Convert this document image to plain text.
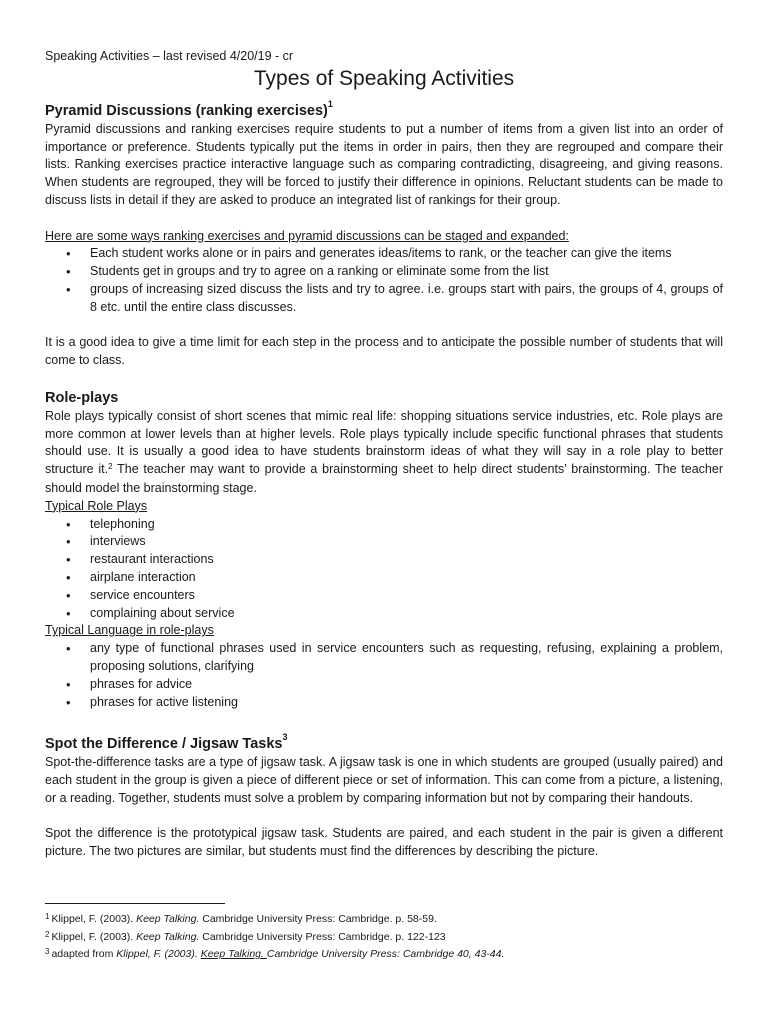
Speaking Activities – last revised 4/20/19 - cr
Types of Speaking Activities
Pyramid Discussions (ranking exercises)$^1$

Pyramid discussions and ranking exercises require students to put a number of items from a given list into an order of importance or preference. Students typically put the items in order in pairs, then they are regrouped and compare their lists. Ranking exercises practice interactive language such as comparing contradicting, disagreeing, and giving reasons. When students are regrouped, they will be forced to justify their difference in opinions. Reluctant students can be made to discuss lists in detail if they are asked to produce an integrated list of rankings for their group.

Here are some ways ranking exercises and pyramid discussions can be staged and expanded:

• Each student works alone or in pairs and generates ideas/items to rank, or the teacher can give the items
• Students get in groups and try to agree on a ranking or eliminate some from the list
• groups of increasing sized discuss the lists and try to agree. i.e. groups start with pairs, the groups of 4, groups of 8 etc. until the entire class discusses.

It is a good idea to give a time limit for each step in the process and to anticipate the possible number of students that will come to class.

Role-plays

Role plays typically consist of short scenes that mimic real life: shopping situations service industries, etc. Role plays are more common at lower levels than at higher levels. Role plays typically include specific functional phrases that students should use. It is usually a good idea to have students brainstorm ideas of what they will say in a role play to better structure it.$^2$ The teacher may want to provide a brainstorming sheet to help direct students’ brainstorming. The teacher should model the brainstorming stage.

Typical Role Plays

• telephoning
• interviews
• restaurant interactions
• airplane interaction
• service encounters
• complaining about service

Typical Language in role-plays

• any type of functional phrases used in service encounters such as requesting, refusing, explaining a problem, proposing solutions, clarifying
• phrases for advice
• phrases for active listening
Spot the Difference / Jigsaw Tasks$^3$

Spot-the-difference tasks are a type of jigsaw task. A jigsaw task is one in which students are grouped (usually paired) and each student in the group is given a piece of different piece or set of information. This can come from a picture, a listening, or a reading. Together, students must solve a problem by comparing information but not by comparing their handouts.

Spot the difference is the prototypical jigsaw task. Students are paired, and each student in the pair is given a different picture. The two pictures are similar, but students must find the differences by describing the picture.

$^1$ Klippel, F. (2003). Keep Talking. Cambridge University Press: Cambridge. p. 58-59.
$^2$ Klippel, F. (2003). Keep Talking. Cambridge University Press: Cambridge. p. 122-123
$^3$ adapted from Klippel, F. (2003). Keep Talking. Cambridge University Press: Cambridge 40, 43-44.
